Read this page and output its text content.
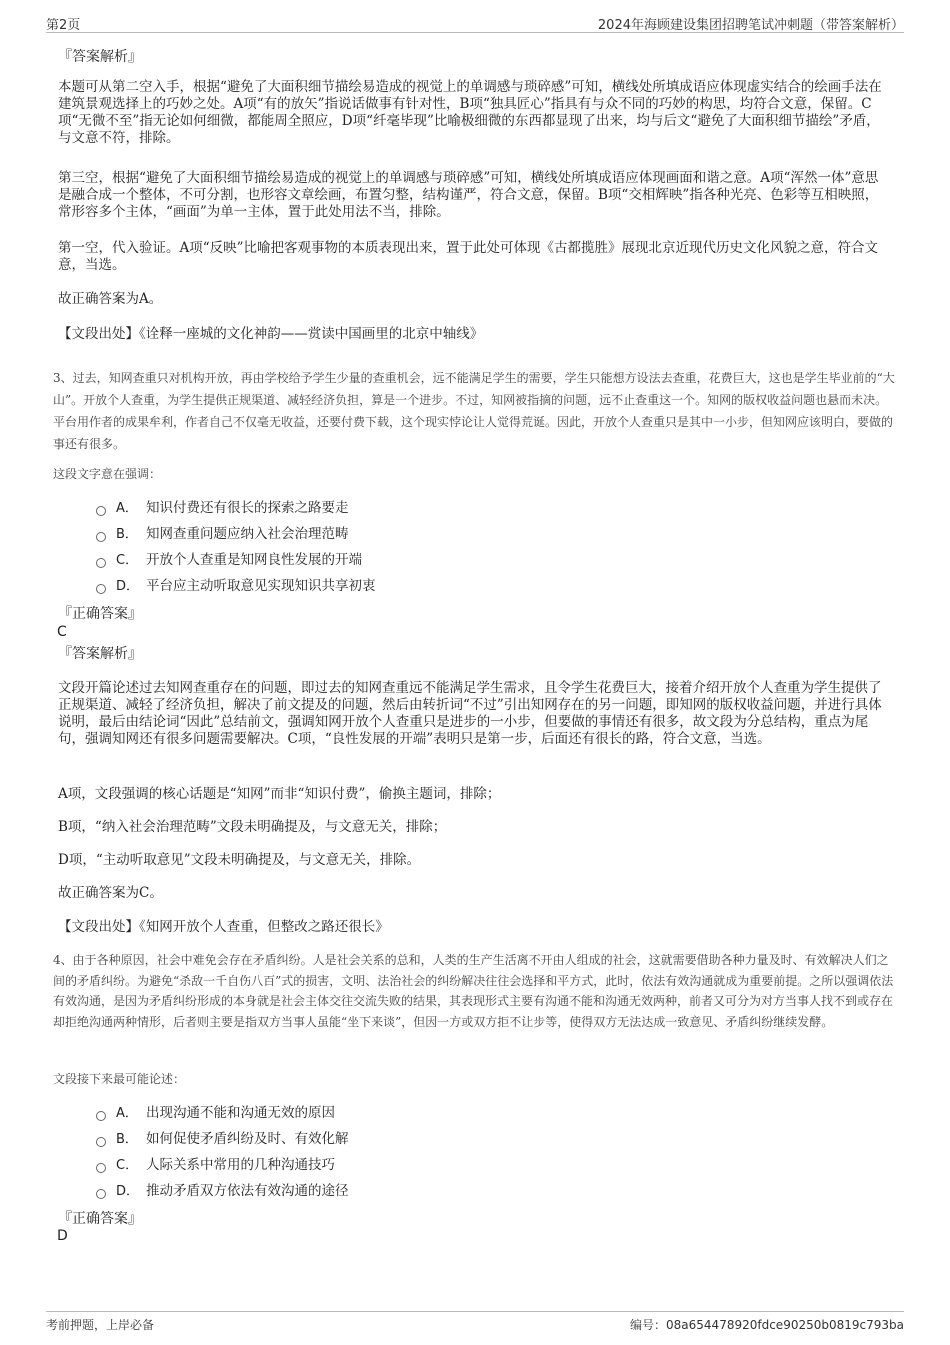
第2页	2024年海顾建设集团招聘笔试冲刺题（带答案解析）
『答案解析』
本题可从第二空入手，根据“避免了大面积细节描绘易造成的视觉上的单调感与琐碎感”可知，横线处所填成语应体现虚实结合的绘画手法在建筑景观选择上的巧妙之处。A项“有的放矢”指说话做事有针对性，B项“独具匠心”指具有与众不同的巧妙的构思，均符合文意，保留。C项“无微不至”指无论如何细微，都能周全照应，D项“纤毫毕现”比喻极细微的东西都显现了出来，均与后文“避免了大面积细节描绘”矛盾，与文意不符，排除。
第三空，根据“避免了大面积细节描绘易造成的视觉上的单调感与琐碎感”可知，横线处所填成语应体现画面和谐之意。A项“浑然一体”意思是融合成一个整体，不可分割，也形容文章绘画，布置匀整，结构谨严，符合文意，保留。B项“交相辉映”指各种光亮、色彩等互相映照，常形容多个主体，“画面”为单一主体，置于此处用法不当，排除。
第一空，代入验证。A项“反映”比喻把客观事物的本质表现出来，置于此处可体现《古都揽胜》展现北京近现代历史文化风貌之意，符合文意，当选。
故正确答案为A。
【文段出处】《诠释一座城的文化神韵——赏读中国画里的北京中轴线》
3、过去，知网查重只对机构开放，再由学校给予学生少量的查重机会，远不能满足学生的需要，学生只能想方设法去查重，花费巨大，这也是学生毕业前的“大山”。开放个人查重，为学生提供正规渠道、减轻经济负担，算是一个进步。不过，知网被指摘的问题，远不止查重这一个。知网的版权收益问题也悬而未决。平台用作者的成果牟利，作者自己不仅毫无收益，还要付费下载，这个现实悖论让人觉得荒诞。因此，开放个人查重只是其中一小步，但知网应该明白，要做的事还有很多。
这段文字意在强调：
A． 知识付费还有很长的探索之路要走
B． 知网查重问题应纳入社会治理范畴
C． 开放个人查重是知网良性发展的开端
D． 平台应主动听取意见实现知识共享初衷
『正确答案』
C
『答案解析』
文段开篇论述过去知网查重存在的问题，即过去的知网查重远不能满足学生需求，且令学生花费巨大，接着介绍开放个人查重为学生提供了正规渠道、减轻了经济负担，解决了前文提及的问题，然后由转折词“不过”引出知网存在的另一问题，即知网的版权收益问题，并进行具体说明，最后由结论词“因此”总结前文，强调知网开放个人查重只是进步的一小步，但要做的事情还有很多，故文段为分总结构，重点为尾句，强调知网还有很多问题需要解决。C项，“良性发展的开端”表明只是第一步，后面还有很长的路，符合文意，当选。
A项，文段强调的核心话题是“知网”而非“知识付费”，偷换主题词，排除；
B项，“纳入社会治理范畴”文段未明确提及，与文意无关，排除；
D项，“主动听取意见”文段未明确提及，与文意无关，排除。
故正确答案为C。
【文段出处】《知网开放个人查重，但整改之路还很长》
4、由于各种原因，社会中难免会存在矛盾纠纷。人是社会关系的总和，人类的生产生活离不开由人组成的社会，这就需要借助各种力量及时、有效解决人们之间的矛盾纠纷。为避免“杀敌一千自伤八百”式的损害，文明、法治社会的纠纷解决往往会选择和平方式，此时，依法有效沟通就成为重要前提。之所以强调依法有效沟通，是因为矛盾纠纷形成的本身就是社会主体交往交流失败的结果，其表现形式主要有沟通不能和沟通无效两种，前者又可分为对方当事人找不到或存在却拒绝沟通两种情形，后者则主要是指双方当事人虽能“坐下来谈”，但因一方或双方拒不让步等，使得双方无法达成一致意见、矛盾纠纷继续发酵。
文段接下来最可能论述：
A． 出现沟通不能和沟通无效的原因
B． 如何促使矛盾纠纷及时、有效化解
C． 人际关系中常用的几种沟通技巧
D． 推动矛盾双方依法有效沟通的途径
『正确答案』
D
考前押题，上岸必备	编号：08a654478920fdce90250b0819c793ba
